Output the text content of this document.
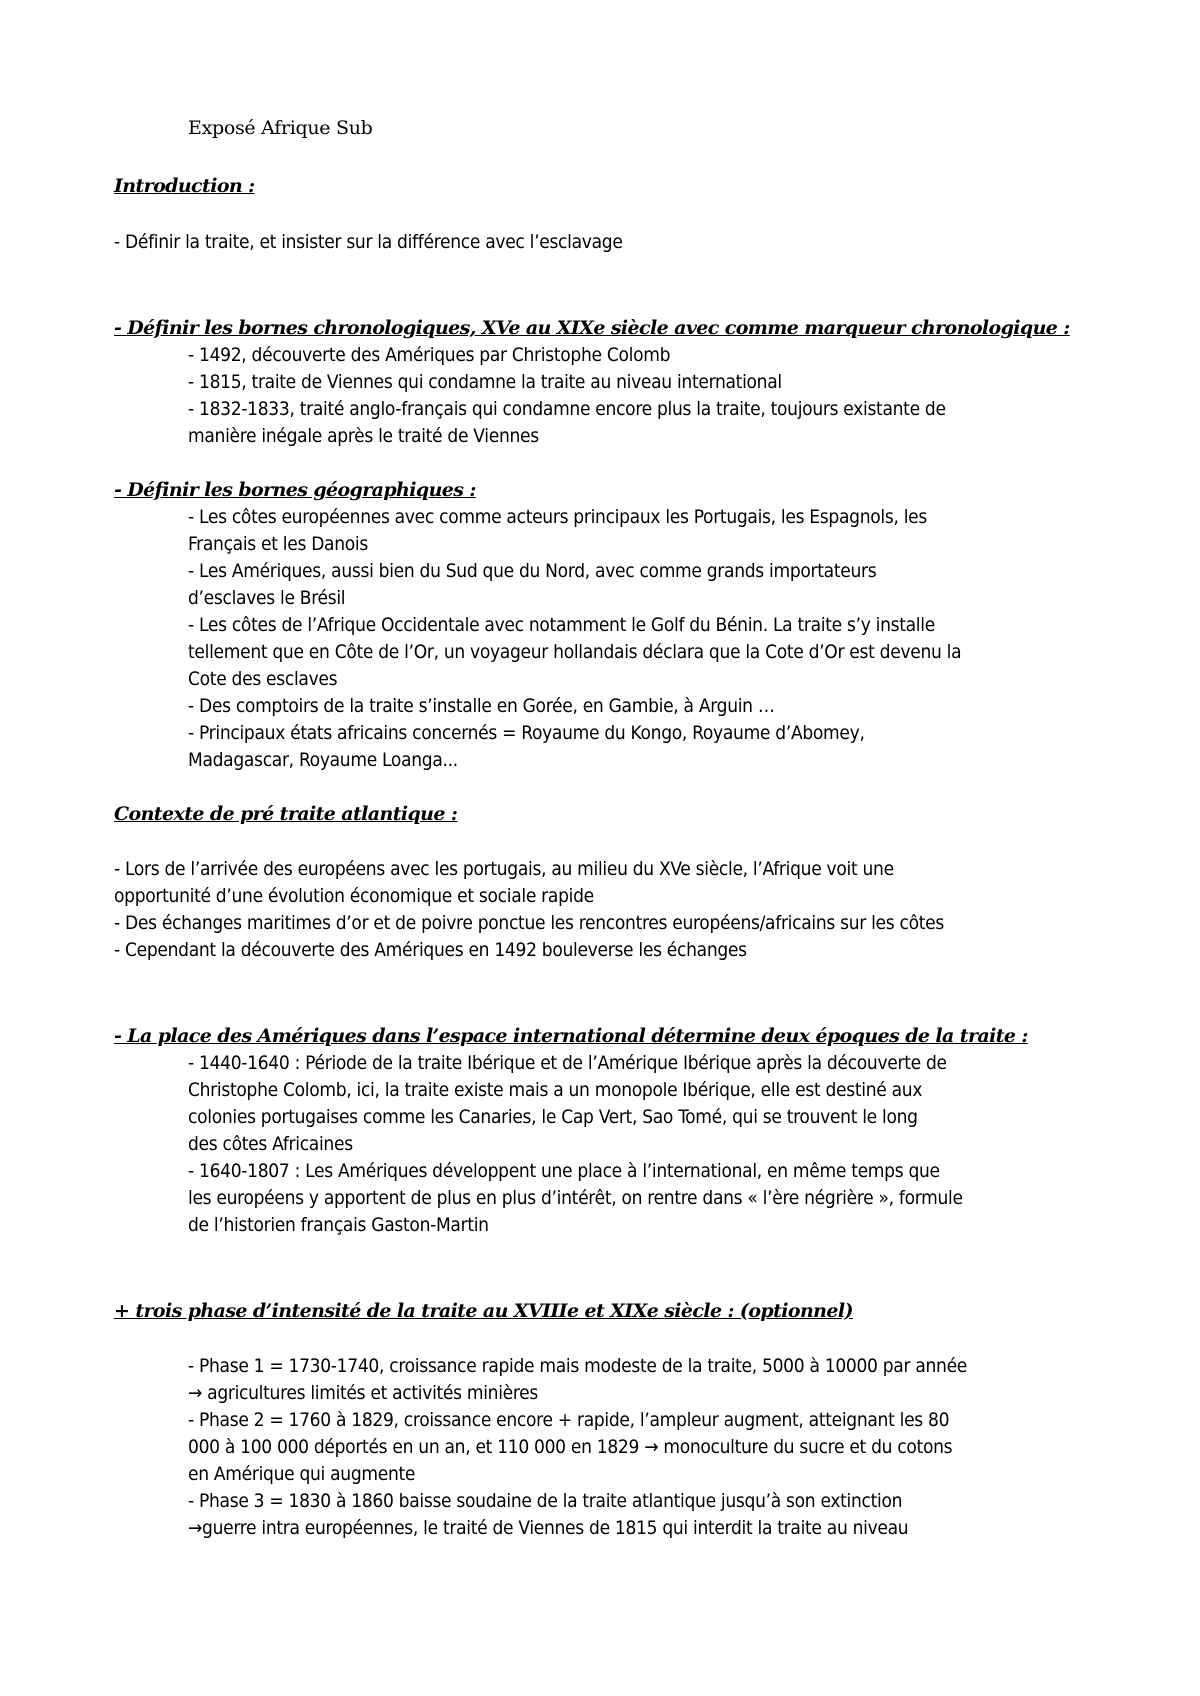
Exposé Afrique Sub
Introduction :
- Définir la traite, et insister sur la différence avec l’esclavage
- Définir les bornes chronologiques, XVe au XIXe siècle avec comme marqueur chronologique :
- 1492, découverte des Amériques par Christophe Colomb
- 1815, traite de Viennes qui condamne la traite au niveau international
- 1832-1833, traité anglo-français qui condamne encore plus la traite, toujours existante de
manière inégale après le traité de Viennes
- Définir les bornes géographiques :
- Les côtes européennes avec comme acteurs principaux les Portugais, les Espagnols, les
Français et les Danois
- Les Amériques, aussi bien du Sud que du Nord, avec comme grands importateurs
d’esclaves le Brésil
- Les côtes de l’Afrique Occidentale avec notamment le Golf du Bénin. La traite s’y installe
tellement que en Côte de l’Or, un voyageur hollandais déclara que la Cote d’Or est devenu la
Cote des esclaves
- Des comptoirs de la traite s’installe en Gorée, en Gambie, à Arguin …
- Principaux états africains concernés = Royaume du Kongo, Royaume d’Abomey,
Madagascar, Royaume Loanga...
Contexte de pré traite atlantique :
- Lors de l’arrivée des européens avec les portugais, au milieu du XVe siècle, l’Afrique voit une
opportunité d’une évolution économique et sociale rapide
- Des échanges maritimes d’or et de poivre ponctue les rencontres européens/africains sur les côtes
- Cependant la découverte des Amériques en 1492 bouleverse les échanges
- La place des Amériques dans l’espace international détermine deux époques de la traite :
- 1440-1640 : Période de la traite Ibérique et de l’Amérique Ibérique après la découverte de
Christophe Colomb, ici, la traite existe mais a un monopole Ibérique, elle est destiné aux
colonies portugaises comme les Canaries, le Cap Vert, Sao Tomé, qui se trouvent le long
des côtes Africaines
- 1640-1807 : Les Amériques développent une place à l’international, en même temps que
les européens y apportent de plus en plus d’intérêt, on rentre dans « l’ère négrière », formule
de l’historien français Gaston-Martin
+ trois phase d’intensité de la traite au XVIIIe et XIXe siècle : (optionnel)
- Phase 1 = 1730-1740, croissance rapide mais modeste de la traite, 5000 à 10000 par année
→ agricultures limités et activités minières
- Phase 2 = 1760 à 1829, croissance encore + rapide, l’ampleur augment, atteignant les 80
000 à 100 000 déportés en un an, et 110 000 en 1829 → monoculture du sucre et du cotons
en Amérique qui augmente
- Phase 3 = 1830 à 1860 baisse soudaine de la traite atlantique jusqu’à son extinction
→guerre intra européennes, le traité de Viennes de 1815 qui interdit la traite au niveau
